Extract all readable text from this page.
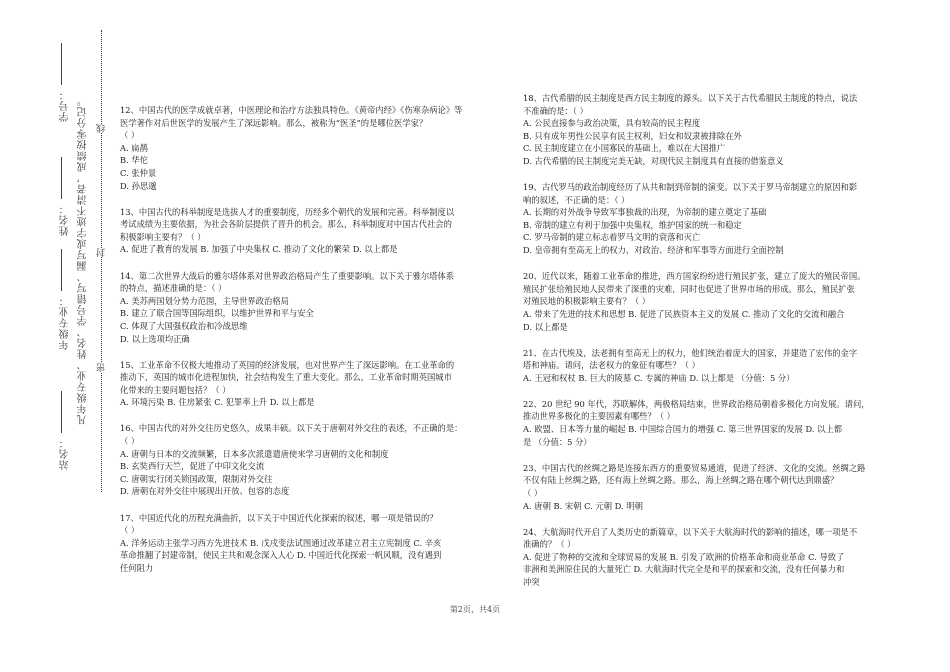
学号：
姓名：
年级专业：
站名：
凡年级专业、姓名、学号错写、漏写或字迹不清者，成绩按零分记。 线
封
密
12、中国古代的医学成就卓著，中医理论和治疗方法独具特色。《黄帝内经》《伤寒杂病论》等
医学著作对后世医学的发展产生了深远影响。那么，被称为“医圣”的是哪位医学家？
（ ）
A. 扁鹊
B. 华佗
C. 张仲景
D. 孙思邈
13、中国古代的科举制度是选拔人才的重要制度，历经多个朝代的发展和完善。科举制度以
考试成绩为主要依据，为社会各阶层提供了晋升的机会。那么，科举制度对中国古代社会的
积极影响主要有？（ ）
A. 促进了教育的发展 B. 加强了中央集权 C. 推动了文化的繁荣 D. 以上都是
14、第二次世界大战后的雅尔塔体系对世界政治格局产生了重要影响。以下关于雅尔塔体系
的特点，描述准确的是：（ ）
A. 美苏两国划分势力范围，主导世界政治格局
B. 建立了联合国等国际组织，以维护世界和平与安全
C. 体现了大国强权政治和冷战思维
D. 以上选项均正确
15、工业革命不仅极大地推动了英国的经济发展，也对世界产生了深远影响。在工业革命的
推动下，英国的城市化进程加快，社会结构发生了重大变化。那么，工业革命时期英国城市
化带来的主要问题包括？（ ）
A. 环境污染 B. 住房紧张 C. 犯罪率上升 D. 以上都是
16、中国古代的对外交往历史悠久，成果丰硕。以下关于唐朝对外交往的表述，不正确的是：
（ ）
A. 唐朝与日本的交流频繁，日本多次派遣遣唐使来学习唐朝的文化和制度
B. 玄奘西行天竺，促进了中印文化交流
C. 唐朝实行闭关锁国政策，限制对外交往
D. 唐朝在对外交往中展现出开放、包容的态度
17、中国近代化的历程充满曲折，以下关于中国近代化探索的叙述，哪一项是错误的？
（ ）
A. 洋务运动主张学习西方先进技术 B. 戊戌变法试图通过改革建立君主立宪制度 C. 辛亥
革命推翻了封建帝制，使民主共和观念深入人心 D. 中国近代化探索一帆风顺，没有遇到
任何阻力
18、古代希腊的民主制度是西方民主制度的源头。以下关于古代希腊民主制度的特点，说法
不准确的是：（ ）
A. 公民直接参与政治决策，具有较高的民主程度
B. 只有成年男性公民享有民主权利，妇女和奴隶被排除在外
C. 民主制度建立在小国寡民的基础上，难以在大国推广
D. 古代希腊的民主制度完美无缺，对现代民主制度具有直接的借鉴意义
19、古代罗马的政治制度经历了从共和制到帝制的演变。以下关于罗马帝制建立的原因和影
响的叙述，不正确的是：（ ）
A. 长期的对外战争导致军事独裁的出现，为帝制的建立奠定了基础
B. 帝制的建立有利于加强中央集权，维护国家的统一和稳定
C. 罗马帝制的建立标志着罗马文明的衰落和灭亡
D. 皇帝拥有至高无上的权力，对政治、经济和军事等方面进行全面控制
20、近代以来，随着工业革命的推进，西方国家纷纷进行殖民扩张，建立了庞大的殖民帝国。
殖民扩张给殖民地人民带来了深重的灾难，同时也促进了世界市场的形成。那么，殖民扩张
对殖民地的积极影响主要有？（ ）
A. 带来了先进的技术和思想 B. 促进了民族资本主义的发展 C. 推动了文化的交流和融合
D. 以上都是
21、在古代埃及，法老拥有至高无上的权力，他们统治着庞大的国家，并建造了宏伟的金字
塔和神庙。请问，法老权力的象征有哪些？（ ）
A. 王冠和权杖 B. 巨大的陵墓 C. 专属的神庙 D. 以上都是 （分值：5 分）
22、20 世纪 90 年代，苏联解体，两极格局结束，世界政治格局朝着多极化方向发展。请问，
推动世界多极化的主要因素有哪些？（ ）
A. 欧盟、日本等力量的崛起 B. 中国综合国力的增强 C. 第三世界国家的发展 D. 以上都
是 （分值：5 分）
23、中国古代的丝绸之路是连接东西方的重要贸易通道，促进了经济、文化的交流。丝绸之路
不仅有陆上丝绸之路，还有海上丝绸之路。那么，海上丝绸之路在哪个朝代达到鼎盛？
（ ）
A. 唐朝 B. 宋朝 C. 元朝 D. 明朝
24、大航海时代开启了人类历史的新篇章，以下关于大航海时代的影响的描述，哪一项是不
准确的？（ ）
A. 促进了物种的交流和全球贸易的发展 B. 引发了欧洲的价格革命和商业革命 C. 导致了
非洲和美洲原住民的大量死亡 D. 大航海时代完全是和平的探索和交流，没有任何暴力和
冲突
第2页，共4页
